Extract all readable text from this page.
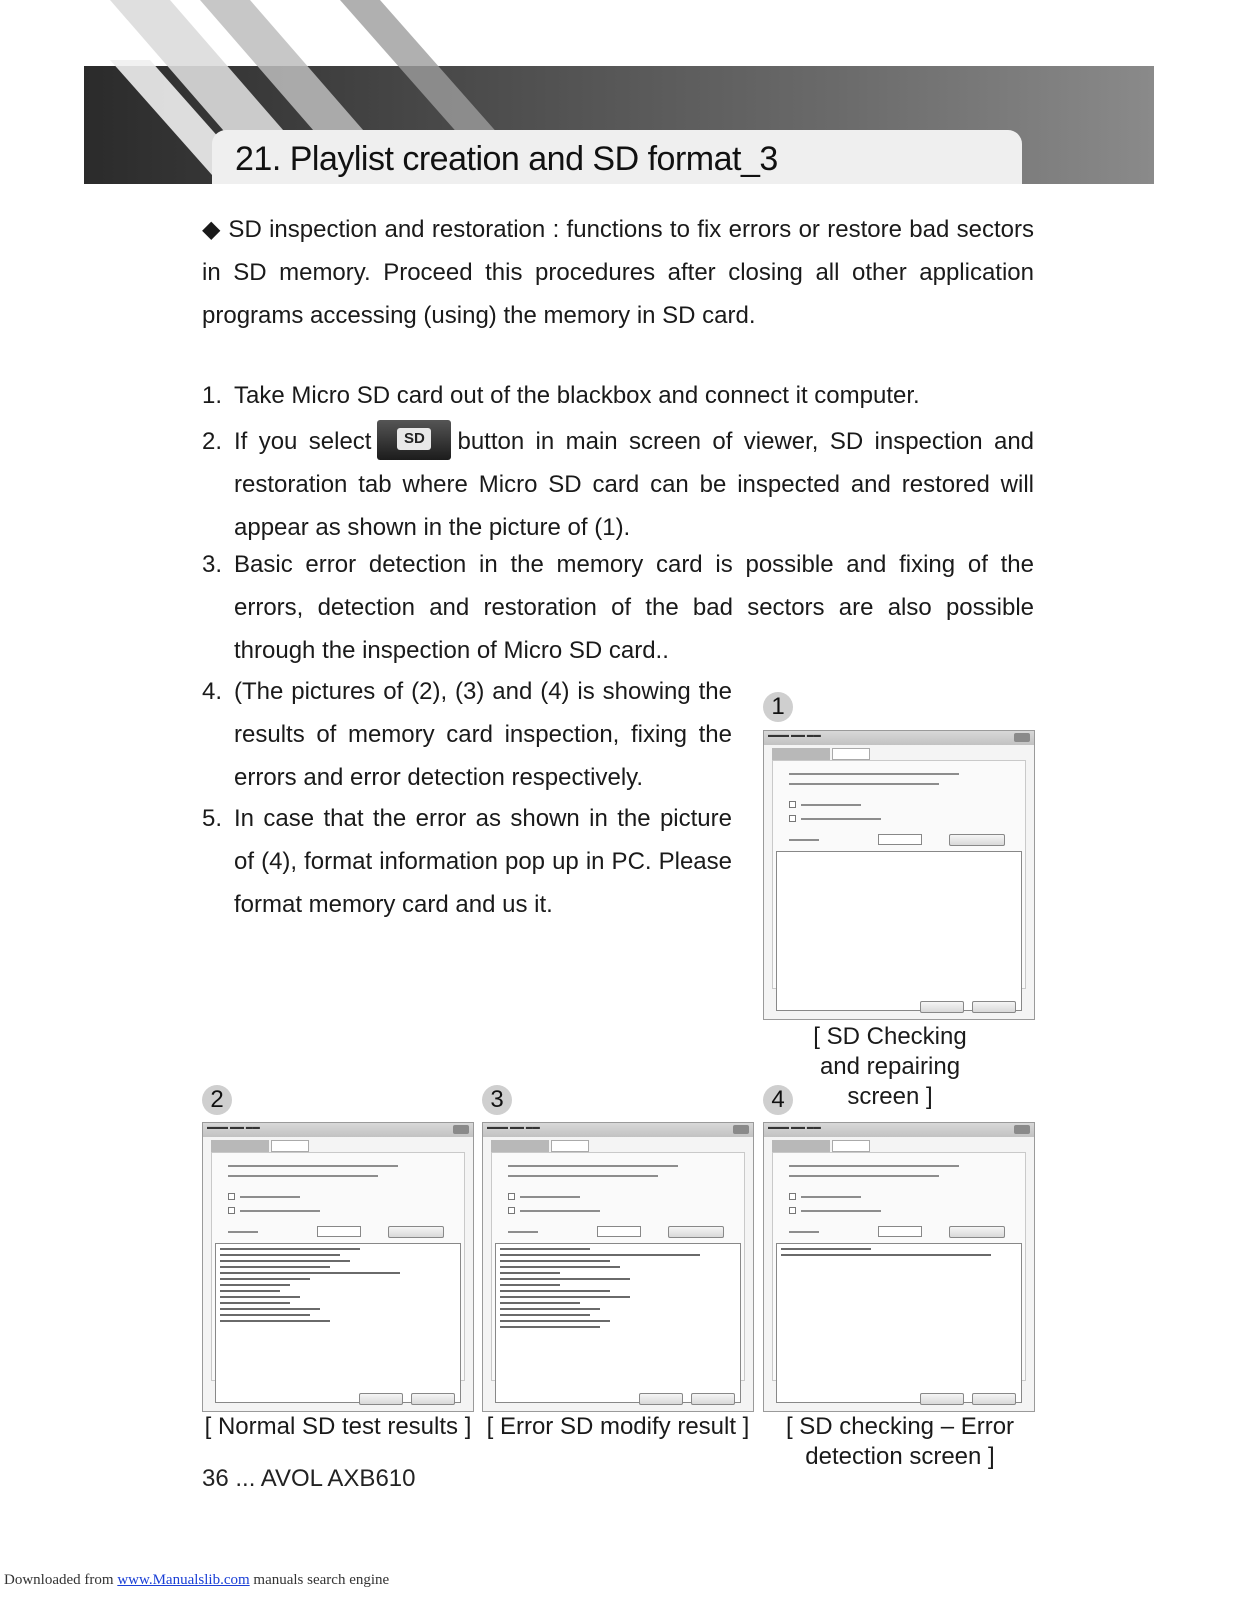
21. Playlist creation and SD format_3
◆ SD inspection and restoration : functions to fix errors or restore bad sectors in SD memory. Proceed this procedures after closing all other application programs accessing (using) the memory in SD card.
1. Take Micro SD card out of the blackbox and connect it computer.
2. If you select	SD button in main screen of viewer, SD inspection and restoration tab where Micro SD card can be inspected and restored will appear as shown in the picture of (1).
3. Basic error detection in the memory card is possible and fixing of the errors, detection and restoration of the bad sectors are also possible through the inspection of Micro SD card..
4. (The pictures of (2), (3) and (4) is showing the results of memory card inspection, fixing the errors and error detection respectively.
5. In case that the error as shown in the picture of (4), format information pop up in PC. Please format memory card and us it.
1
▬▬▬ ▬▬ ▬▬
[ SD Checking and repairing screen ]
2
▬▬▬ ▬▬ ▬▬
[ Normal SD test results ]
3
▬▬▬ ▬▬ ▬▬
[ Error SD modify result ]
4
▬▬▬ ▬▬ ▬▬
[ SD checking – Error detection screen ]
36 ... AVOL AXB610
Downloaded from www.Manualslib.com manuals search engine
